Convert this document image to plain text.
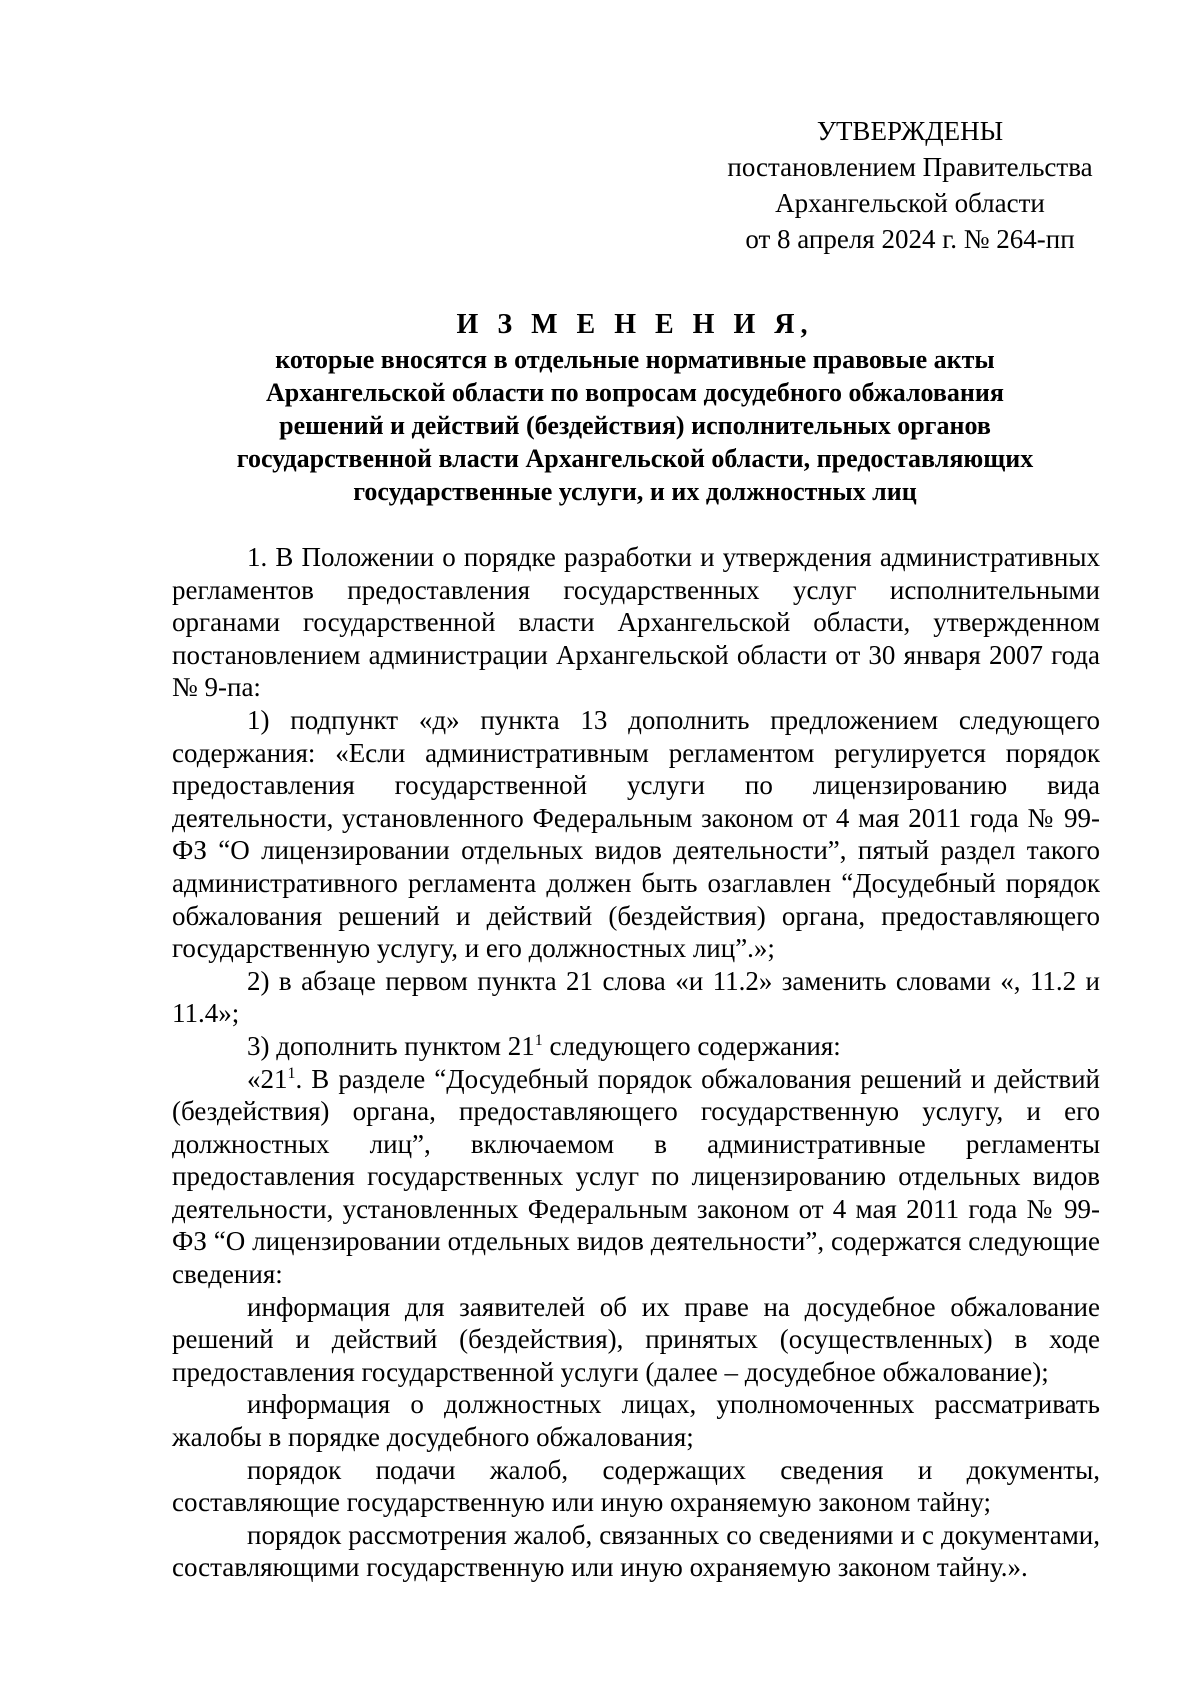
УТВЕРЖДЕНЫ
постановлением Правительства
Архангельской области
от 8 апреля 2024 г. № 264-пп
И З М Е Н Е Н И Я,
которые вносятся в отдельные нормативные правовые акты
Архангельской области по вопросам досудебного обжалования
решений и действий (бездействия) исполнительных органов
государственной власти Архангельской области, предоставляющих
государственные услуги, и их должностных лиц

1. В Положении о порядке разработки и утверждения административных регламентов предоставления государственных услуг исполнительными органами государственной власти Архангельской области, утвержденном постановлением администрации Архангельской области от 30 января 2007 года № 9-па:

1) подпункт «д» пункта 13 дополнить предложением следующего содержания: «Если административным регламентом регулируется порядок предоставления государственной услуги по лицензированию вида деятельности, установленного Федеральным законом от 4 мая 2011 года № 99-ФЗ “О лицензировании отдельных видов деятельности”, пятый раздел такого административного регламента должен быть озаглавлен “Досудебный порядок обжалования решений и действий (бездействия) органа, предоставляющего государственную услугу, и его должностных лиц”.»;

2) в абзаце первом пункта 21 слова «и 11.2» заменить словами «, 11.2 и 11.4»;

3) дополнить пунктом $21^1$ следующего содержания:

«$21^1$. В разделе “Досудебный порядок обжалования решений и действий (бездействия) органа, предоставляющего государственную услугу, и его должностных лиц”, включаемом в административные регламенты предоставления государственных услуг по лицензированию отдельных видов деятельности, установленных Федеральным законом от 4 мая 2011 года № 99-ФЗ “О лицензировании отдельных видов деятельности”, содержатся следующие сведения:

информация для заявителей об их праве на досудебное обжалование решений и действий (бездействия), принятых (осуществленных) в ходе предоставления государственной услуги (далее – досудебное обжалование);

информация о должностных лицах, уполномоченных рассматривать жалобы в порядке досудебного обжалования;

порядок подачи жалоб, содержащих сведения и документы, составляющие государственную или иную охраняемую законом тайну;

порядок рассмотрения жалоб, связанных со сведениями и с документами, составляющими государственную или иную охраняемую законом тайну.».
